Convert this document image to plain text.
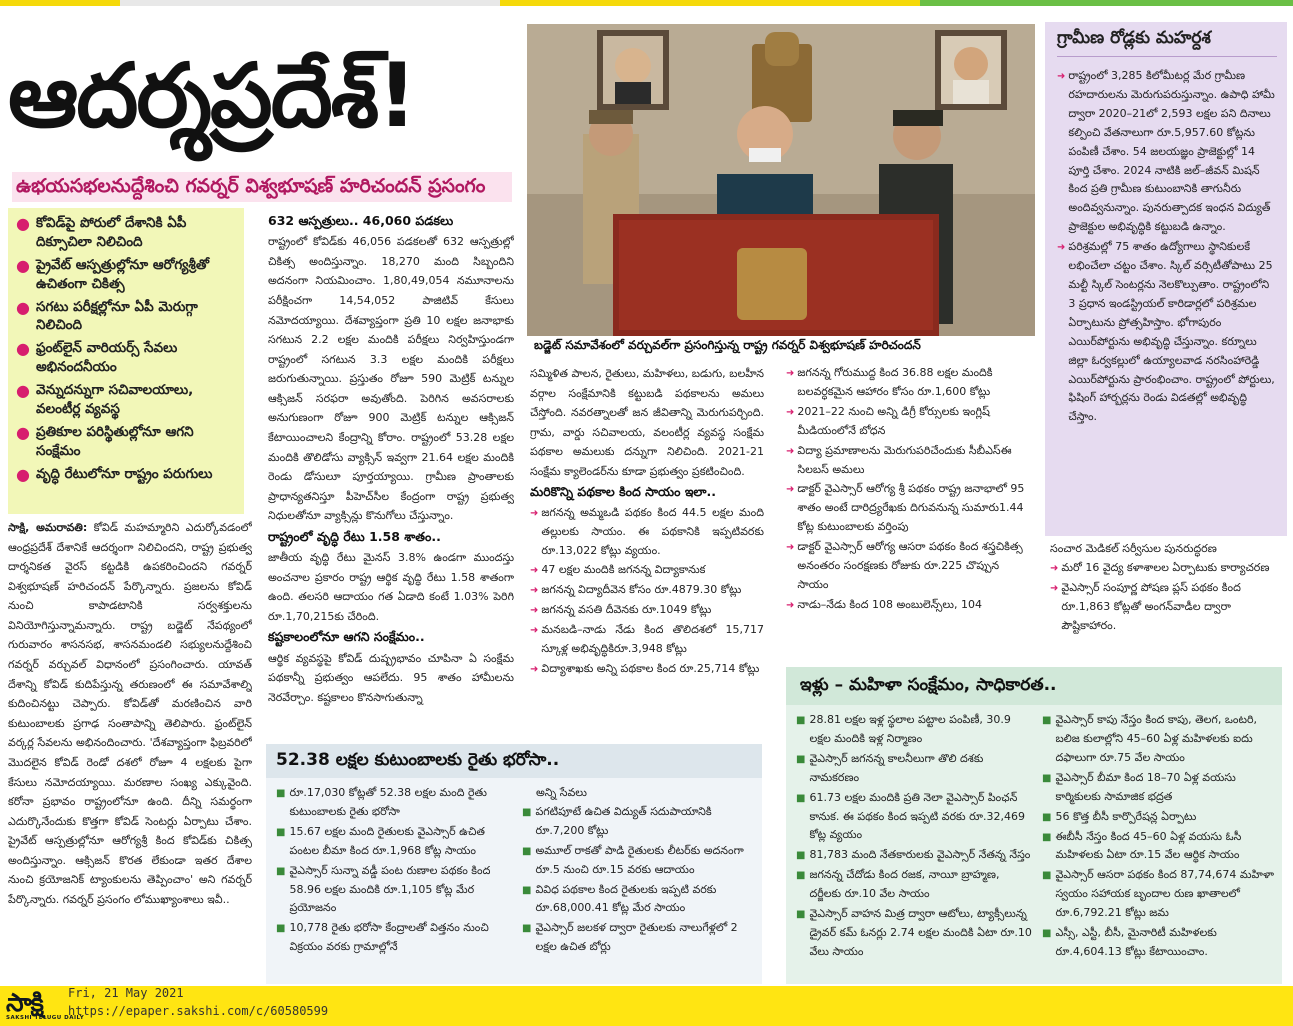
ఆదర్శప్రదేశ్!
ఉభయసభలనుద్దేశించి గవర్నర్ విశ్వభూషణ్ హరిచందన్ ప్రసంగం
● కోవిడ్‌పై పోరులో దేశానికి ఏపీ దిక్సూచిలా నిలిచింది
● ప్రైవేట్ ఆస్పత్రుల్లోనూ ఆరోగ్యశ్రీతో ఉచితంగా చికిత్స
● సగటు పరీక్షల్లోనూ ఏపీ మెరుగ్గా నిలిచింది
● ఫ్రంట్‌లైన్ వారియర్స్ సేవలు అభినందనీయం
● వెన్నుదన్నుగా సచివాలయాలు, వలంటీర్ల వ్యవస్థ
● ప్రతికూల పరిస్థితుల్లోనూ ఆగని సంక్షేమం
● వృద్ధి రేటులోనూ రాష్ట్రం పరుగులు

సాక్షి, అమరావతి: కోవిడ్ మహమ్మారిని ఎదుర్కోవడంలో ఆంధ్రప్రదేశ్ దేశానికే ఆదర్శంగా నిలిచిందని, రాష్ట్ర ప్రభుత్వ దార్శనికత వైరస్ కట్టడికి ఉపకరించిందని గవర్నర్ విశ్వభూషణ్ హరిచందన్ పేర్కొన్నారు. ప్రజలను కోవిడ్ నుంచి కాపాడటానికి సర్వశక్తులను వినియోగిస్తున్నామన్నారు. రాష్ట్ర బడ్జెట్ నేపథ్యంలో గురువారం శాసనసభ, శాసనమండలి సభ్యులనుద్దేశించి గవర్నర్ వర్చువల్ విధానంలో ప్రసంగించారు. యావత్ దేశాన్ని కోవిడ్ కుదిపేస్తున్న తరుణంలో ఈ సమావేశాల్ని కుదించినట్టు చెప్పారు. కోవిడ్‌తో మరణించిన వారి కుటుంబాలకు ప్రగాఢ సంతాపాన్ని తెలిపారు. ఫ్రంట్‌లైన్ వర్కర్ల సేవలను అభినందించారు. 'దేశవ్యాప్తంగా ఫిబ్రవరిలో మొదలైన కోవిడ్ రెండో దశలో రోజూ 4 లక్షలకు పైగా కేసులు నమోదయ్యాయి. మరణాల సంఖ్య ఎక్కువైంది. కరోనా ప్రభావం రాష్ట్రంలోనూ ఉంది. దీన్ని సమర్థంగా ఎదుర్కొనేందుకు కొత్తగా కోవిడ్ సెంటర్లు ఏర్పాటు చేశాం. ప్రైవేట్ ఆస్పత్రుల్లోనూ ఆరోగ్యశ్రీ కింద కోవిడ్‌కు చికిత్స అందిస్తున్నాం. ఆక్సిజన్ కొరత లేకుండా ఇతర దేశాల నుంచి క్రయోజనిక్ ట్యాంకులను తెప్పించాం' అని గవర్నర్ పేర్కొన్నారు. గవర్నర్ ప్రసంగం లోముఖ్యాంశాలు ఇవీ..

632 ఆస్పత్రులు.. 46,060 పడకలు

రాష్ట్రంలో కోవిడ్‌కు 46,056 పడకలతో 632 ఆస్పత్రుల్లో చికిత్స అందిస్తున్నాం. 18,270 మంది సిబ్బందిని అదనంగా నియమించాం. 1,80,49,054 నమూనాలను పరీక్షించగా 14,54,052 పాజిటివ్ కేసులు నమోదయ్యాయి. దేశవ్యాప్తంగా ప్రతి 10 లక్షల జనాభాకు సగటున 2.2 లక్షల మందికి పరీక్షలు నిర్వహిస్తుండగా రాష్ట్రంలో సగటున 3.3 లక్షల మందికి పరీక్షలు జరుగుతున్నాయి. ప్రస్తుతం రోజూ 590 మెట్రిక్ టన్నుల ఆక్సిజన్ సరఫరా అవుతోంది. పెరిగిన అవసరాలకు అనుగుణంగా రోజూ 900 మెట్రిక్ టన్నుల ఆక్సిజన్ కేటాయించాలని కేంద్రాన్ని కోరాం. రాష్ట్రంలో 53.28 లక్షల మందికి తొలిడోసు వ్యాక్సిన్ ఇవ్వగా 21.64 లక్షల మందికి రెండు డోసులూ పూర్తయ్యాయి. గ్రామీణ ప్రాంతాలకు ప్రాధాన్యతనిస్తూ పీహెచ్‌సీల కేంద్రంగా రాష్ట్ర ప్రభుత్వ నిధులతోనూ వ్యాక్సిన్లు కొనుగోలు చేస్తున్నాం.

రాష్ట్రంలో వృద్ధి రేటు 1.58 శాతం..

జాతీయ వృద్ధి రేటు మైనస్ 3.8% ఉండగా ముందస్తు అంచనాల ప్రకారం రాష్ట్ర ఆర్థిక వృద్ధి రేటు 1.58 శాతంగా ఉంది. తలసరి ఆదాయం గత ఏడాది కంటే 1.03% పెరిగి రూ.1,70,215కు చేరింది.

కష్టకాలంలోనూ ఆగని సంక్షేమం..

ఆర్థిక వ్యవస్థపై కోవిడ్ దుష్ప్రభావం చూపినా ఏ సంక్షేమ పథకాన్నీ ప్రభుత్వం ఆపలేదు. 95 శాతం హామీలను నెరవేర్చాం. కష్టకాలం కొనసాగుతున్నా

బడ్జెట్ సమావేశంలో వర్చువల్‌గా ప్రసంగిస్తున్న రాష్ట్ర గవర్నర్ విశ్వభూషణ్ హరిచందన్

సమ్మిళిత పాలన, రైతులు, మహిళలు, బడుగు, బలహీన వర్గాల సంక్షేమానికి కట్టుబడి పథకాలను అమలు చేస్తోంది. నవరత్నాలతో జన జీవితాన్ని మెరుగుపర్చింది. గ్రామ, వార్డు సచివాలయ, వలంటీర్ల వ్యవస్థ సంక్షేమ పథకాల అమలుకు దన్నుగా నిలిచింది. 2021-21 సంక్షేమ క్యాలెండర్‌ను కూడా ప్రభుత్వం ప్రకటించింది.

మరికొన్ని పథకాల కింద సాయం ఇలా..
➜ జగనన్న అమ్మఒడి పథకం కింద 44.5 లక్షల మంది తల్లులకు సాయం. ఈ పథకానికి ఇప్పటివరకు రూ.13,022 కోట్లు వ్యయం.
➜ 47 లక్షల మందికి జగనన్న విద్యాకానుక
➜ జగనన్న విద్యాదీవెన కోసం రూ.4879.30 కోట్లు
➜ జగనన్న వసతి దీవెనకు రూ.1049 కోట్లు
➜ మనబడి–నాడు నేడు కింద తొలిదశలో 15,717 స్కూళ్ల అభివృద్ధికిరూ.3,948 కోట్లు
➜ విద్యాశాఖకు అన్ని పథకాల కింద రూ.25,714 కోట్లు
➜ జగనన్న గోరుముద్ద కింద 36.88 లక్షల మందికి బలవర్ధకమైన ఆహారం కోసం రూ.1,600 కోట్లు
➜ 2021–22 నుంచి అన్ని డిగ్రీ కోర్సులకు ఇంగ్లిష్ మీడియంలోనే బోధన
➜ విద్యా ప్రమాణాలను మెరుగుపరిచేందుకు సీబీఎస్‌ఈ సిలబస్ అమలు
➜ డాక్టర్ వైఎస్సార్ ఆరోగ్య శ్రీ పథకం రాష్ట్ర జనాభాలో 95 శాతం అంటే దారిద్ర్యరేఖకు దిగువనున్న సుమారు1.44 కోట్ల కుటుంబాలకు వర్తింపు
➜ డాక్టర్ వైఎస్సార్ ఆరోగ్య ఆసరా పథకం కింద శస్త్రచికిత్స అనంతరం సంరక్షణకు రోజుకు రూ.225 చొప్పున సాయం
➜ నాడు–నేడు కింద 108 అంబులెన్స్‌లు, 104
గ్రామీణ రోడ్లకు మహర్దశ
➜ రాష్ట్రంలో 3,285 కిలోమీటర్ల మేర గ్రామీణ రహదారులను మెరుగుపరుస్తున్నాం. ఉపాధి హామీ ద్వారా 2020–21లో 2,593 లక్షల పని దినాలు కల్పించి వేతనాలుగా రూ.5,957.60 కోట్లను పంపిణీ చేశాం. 54 జలయజ్ఞం ప్రాజెక్టుల్లో 14 పూర్తి చేశాం. 2024 నాటికి జల్–జీవన్ మిషన్ కింద ప్రతి గ్రామీణ కుటుంబానికి తాగునీరు అందివ్వనున్నాం. పునరుత్పాదక ఇంధన విద్యుత్ ప్రాజెక్టుల అభివృద్ధికి కట్టుబడి ఉన్నాం.
➜ పరిశ్రమల్లో 75 శాతం ఉద్యోగాలు స్థానికులకే లభించేలా చట్టం చేశాం. స్కిల్ వర్సిటీతోపాటు 25 మల్టీ స్కిల్ సెంటర్లను నెలకొల్పుతాం. రాష్ట్రంలోని 3 ప్రధాన ఇండస్ట్రియల్ కారిడార్లలో పరిశ్రమల ఏర్పాటును ప్రోత్సహిస్తాం. భోగాపురం ఎయిర్‌పోర్టును అభివృద్ధి చేస్తున్నాం. కర్నూలు జిల్లా ఓర్వకల్లులో ఉయ్యాలవాడ నరసింహారెడ్డి ఎయిర్‌పోర్టును ప్రారంభించాం. రాష్ట్రంలో పోర్టులు, ఫిషింగ్ హార్బర్లను రెండు విడతల్లో అభివృద్ధి చేస్తాం.
సంచార మెడికల్ సర్వీసుల పునరుద్ధరణ
➜ మరో 16 వైద్య కళాశాలల ఏర్పాటుకు కార్యాచరణ
➜ వైఎస్సార్ సంపూర్ణ పోషణ ప్లస్ పథకం కింద రూ.1,863 కోట్లతో అంగన్‌వాడీల ద్వారా పౌష్టికాహారం.
52.38 లక్షల కుటుంబాలకు రైతు భరోసా..
■ రూ.17,030 కోట్లతో 52.38 లక్షల మంది రైతు కుటుంబాలకు రైతు భరోసా
■ 15.67 లక్షల మంది రైతులకు వైఎస్సార్ ఉచిత పంటల బీమా కింద రూ.1,968 కోట్ల సాయం
■ వైఎస్సార్ సున్నా వడ్డీ పంట రుణాల పథకం కింద 58.96 లక్షల మందికి రూ.1,105 కోట్ల మేర ప్రయోజనం
■ 10,778 రైతు భరోసా కేంద్రాలతో విత్తనం నుంచి విక్రయం వరకు గ్రామాల్లోనే
అన్ని సేవలు
■ పగటిపూటే ఉచిత విద్యుత్ సదుపాయానికి రూ.7,200 కోట్లు
■ అమూల్ రాకతో పాడి రైతులకు లీటర్‌కు అదనంగా రూ.5 నుంచి రూ.15 వరకు ఆదాయం
■ వివిధ పథకాల కింద రైతులకు ఇప్పటి వరకు రూ.68,000.41 కోట్ల మేర సాయం
■ వైఎస్సార్ జలకళ ద్వారా రైతులకు నాలుగేళ్లలో 2 లక్షల ఉచిత బోర్లు
ఇళ్లు – మహిళా సంక్షేమం, సాధికారత..
■ 28.81 లక్షల ఇళ్ల స్థలాల పట్టాల పంపిణీ, 30.9 లక్షల మందికి ఇళ్ల నిర్మాణం
■ వైఎస్సార్ జగనన్న కాలనీలుగా తొలి దశకు నామకరణం
■ 61.73 లక్షల మందికి ప్రతి నెలా వైఎస్సార్ పింఛన్ కానుక. ఈ పథకం కింద ఇప్పటి వరకు రూ.32,469 కోట్ల వ్యయం
■ 81,783 మంది నేతకారులకు వైఎస్సార్ నేతన్న నేస్తం
■ జగనన్న చేదోడు కింద రజక, నాయీ బ్రాహ్మణ, దర్జీలకు రూ.10 వేల సాయం
■ వైఎస్సార్ వాహన మిత్ర ద్వారా ఆటోలు, ట్యాక్సీలున్న డ్రైవర్ కమ్ ఓనర్లు 2.74 లక్షల మందికి ఏటా రూ.10 వేలు సాయం
■ వైఎస్సార్ కాపు నేస్తం కింద కాపు, తెలగ, ఒంటరి, బలిజ కులాల్లోని 45–60 ఏళ్ల మహిళలకు ఐదు దఫాలుగా రూ.75 వేల సాయం
■ వైఎస్సార్ బీమా కింద 18–70 ఏళ్ల వయసు కార్మికులకు సామాజిక భద్రత
■ 56 కొత్త బీసీ కార్పొరేషన్ల ఏర్పాటు
■ ఈబీసీ నేస్తం కింద 45–60 ఏళ్ల వయసు ఓసీ మహిళలకు ఏటా రూ.15 వేల ఆర్థిక సాయం
■ వైఎస్సార్ ఆసరా పథకం కింద 87,74,674 మహిళా స్వయం సహాయక బృందాల రుణ ఖాతాలలో రూ.6,792.21 కోట్లు జమ
■ ఎస్సీ, ఎస్టీ, బీసీ, మైనారిటీ మహిళలకు రూ.4,604.13 కోట్లు కేటాయించాం.
సాక్షి
SAKSHI TELUGU DAILY
Fri, 21 May 2021
https://epaper.sakshi.com/c/60580599
